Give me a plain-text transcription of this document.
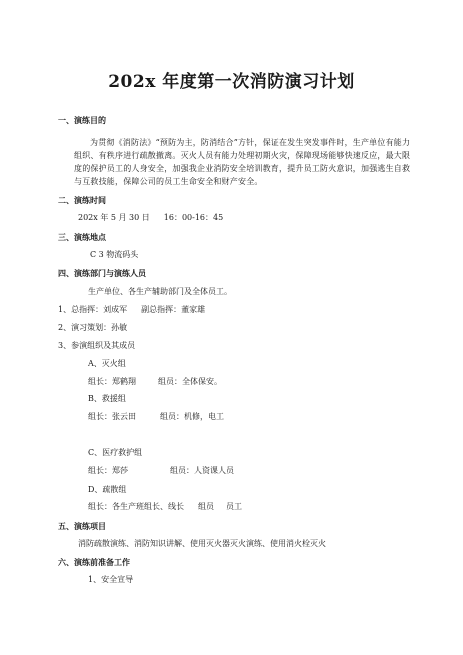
202x 年度第一次消防演习计划
一、演练目的
为贯彻《消防法》“预防为主，防消结合”方针，保证在发生突发事件时，生产单位有能力组织、有秩序进行疏散撤离。灭火人员有能力处理初期火灾，保障现场能够快速反应，最大限度的保护员工的人身安全，加强我企业消防安全培训教育，提升员工防火意识，加强逃生自救与互救技能，保障公司的员工生命安全和财产安全。
二、演练时间
202x 年 5 月 30 日 16：00-16：45
三、演练地点
C 3 物流码头
四、演练部门与演练人员
生产单位、各生产辅助部门及全体员工。
1、总指挥：刘成军 副总指挥：董家雄
2、演习策划：孙敏
3、参演组织及其成员
A、灭火组
组长：郑鹤翔	组员：全体保安。
B、救援组
组长：张云田	组员：机修，电工
C、医疗救护组
组长：郑莎	组员：人资课人员
D、疏散组
组长：各生产班组长、线长 组员 员工
五、演练项目
消防疏散演练、消防知识讲解、使用灭火器灭火演练、使用消火栓灭火
六、演练前准备工作
1、安全宣导
